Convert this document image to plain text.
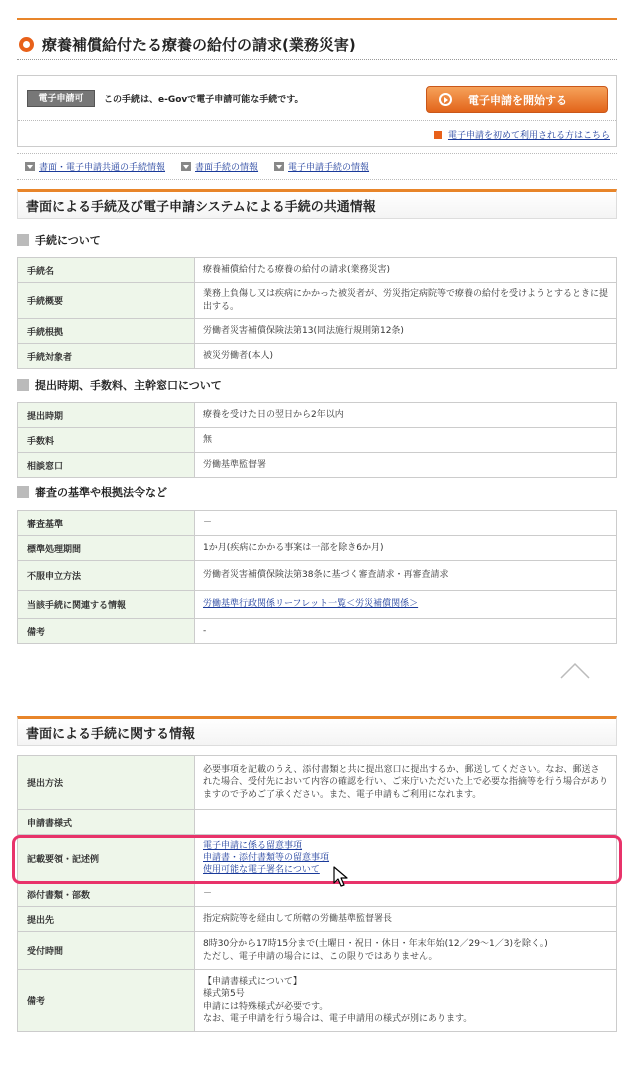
療養補償給付たる療養の給付の請求(業務災害)
電子申請可	この手続は、e-Govで電子申請可能な手続です。	電子申請を開始する
電子申請を初めて利用される方はこちら
書面・電子申請共通の手続情報	書面手続の情報	電子申請手続の情報
書面による手続及び電子申請システムによる手続の共通情報
手続について
手続名	療養補償給付たる療養の給付の請求(業務災害)
手続概要	業務上負傷し又は疾病にかかった被災者が、労災指定病院等で療養の給付を受けようとするときに提出する。
手続根拠	労働者災害補償保険法第13(同法施行規則第12条)
手続対象者	被災労働者(本人)
提出時期、手数料、主幹窓口について
提出時期	療養を受けた日の翌日から2年以内
手数料	無
相談窓口	労働基準監督署
審査の基準や根拠法令など
審査基準	－
標準処理期間	1か月(疾病にかかる事案は一部を除き6か月)
不服申立方法	労働者災害補償保険法第38条に基づく審査請求・再審査請求
当該手続に関連する情報	労働基準行政関係リーフレット一覧＜労災補償関係＞
備考	-
書面による手続に関する情報
提出方法	必要事項を記載のうえ、添付書類と共に提出窓口に提出するか、郵送してください。なお、郵送された場合、受付先において内容の確認を行い、ご来庁いただいた上で必要な指摘等を行う場合がありますので予めご了承ください。また、電子申請もご利用になれます。
申請書様式	
記載要領・記述例	電子申請に係る留意事項
申請書・添付書類等の留意事項
使用可能な電子署名について

添付書類・部数	－
提出先	指定病院等を経由して所轄の労働基準監督署長
受付時間	8時30分から17時15分まで(土曜日・祝日・休日・年末年始(12／29～1／3)を除く。)
ただし、電子申請の場合には、この限りではありません。

備考	【申請書様式について】
様式第5号
申請には特殊様式が必要です。
なお、電子申請を行う場合は、電子申請用の様式が別にあります。
